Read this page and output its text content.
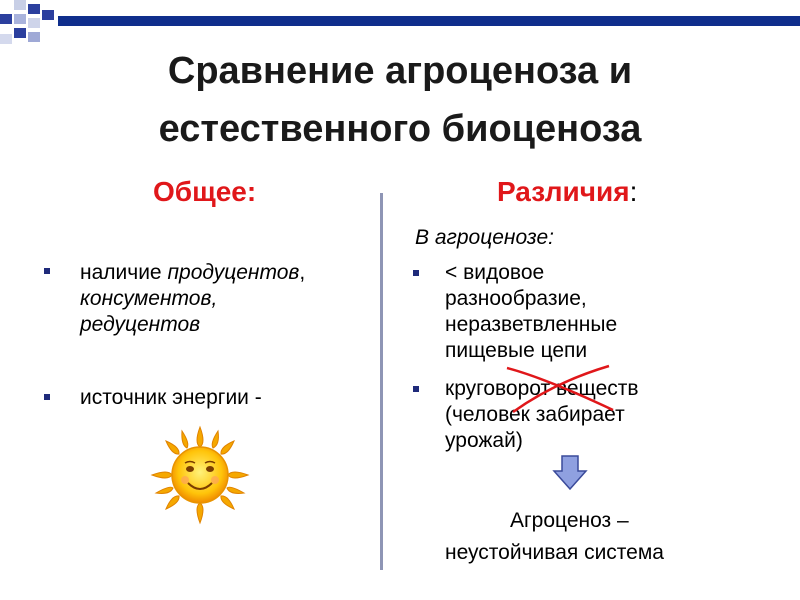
Сравнение агроценоза и
естественного биоценоза
Общее:	Различия:
наличие продуцентов,
консументов,
редуцентов
источник энергии -
В агроценозе:
< видовое
разнообразие,
неразветвленные
пищевые цепи
круговорот веществ
(человек забирает
урожай)
Агроценоз –
неустойчивая система
